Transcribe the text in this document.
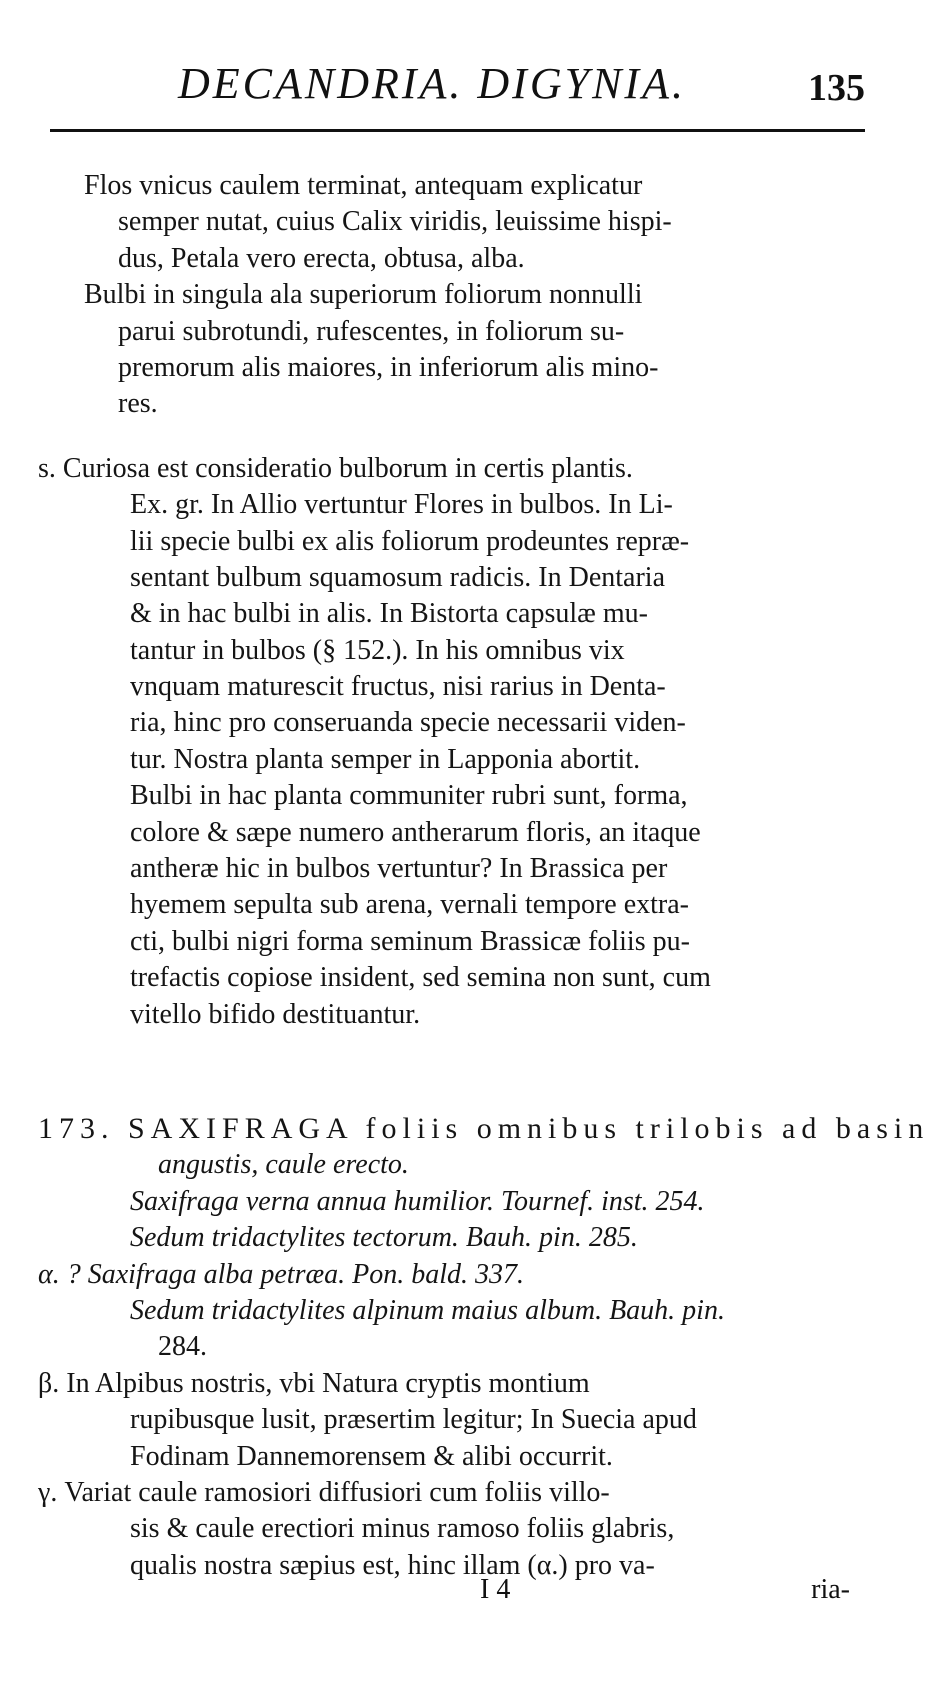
DECANDRIA. DIGYNIA.	135
Flos vnicus caulem terminat, antequam explicatur
semper nutat, cuius Calix viridis, leuissime hispi-
dus, Petala vero erecta, obtusa, alba.
Bulbi in singula ala superiorum foliorum nonnulli
parui subrotundi, rufescentes, in foliorum su-
premorum alis maiores, in inferiorum alis mino-
res.
s. Curiosa est consideratio bulborum in certis plantis.
Ex. gr. In Allio vertuntur Flores in bulbos. In Li-
lii specie bulbi ex alis foliorum prodeuntes repræ-
sentant bulbum squamosum radicis. In Dentaria
& in hac bulbi in alis. In Bistorta capsulæ mu-
tantur in bulbos (§ 152.). In his omnibus vix
vnquam maturescit fructus, nisi rarius in Denta-
ria, hinc pro conseruanda specie necessarii viden-
tur. Nostra planta semper in Lapponia abortit.
Bulbi in hac planta communiter rubri sunt, forma,
colore & sæpe numero antherarum floris, an itaque
antheræ hic in bulbos vertuntur? In Brassica per
hyemem sepulta sub arena, vernali tempore extra-
cti, bulbi nigri forma seminum Brassicæ foliis pu-
trefactis copiose insident, sed semina non sunt, cum
vitello bifido destituantur.
173. SAXIFRAGA foliis omnibus trilobis ad basin
angustis, caule erecto.
Saxifraga verna annua humilior. Tournef. inst. 254.
Sedum tridactylites tectorum. Bauh. pin. 285.
α. ? Saxifraga alba petræa. Pon. bald. 337.
Sedum tridactylites alpinum maius album. Bauh. pin.
284.
β. In Alpibus nostris, vbi Natura cryptis montium
rupibusque lusit, præsertim legitur; In Suecia apud
Fodinam Dannemorensem & alibi occurrit.
γ. Variat caule ramosiori diffusiori cum foliis villo-
sis & caule erectiori minus ramoso foliis glabris,
qualis nostra sæpius est, hinc illam (α.) pro va-
I 4	ria-
